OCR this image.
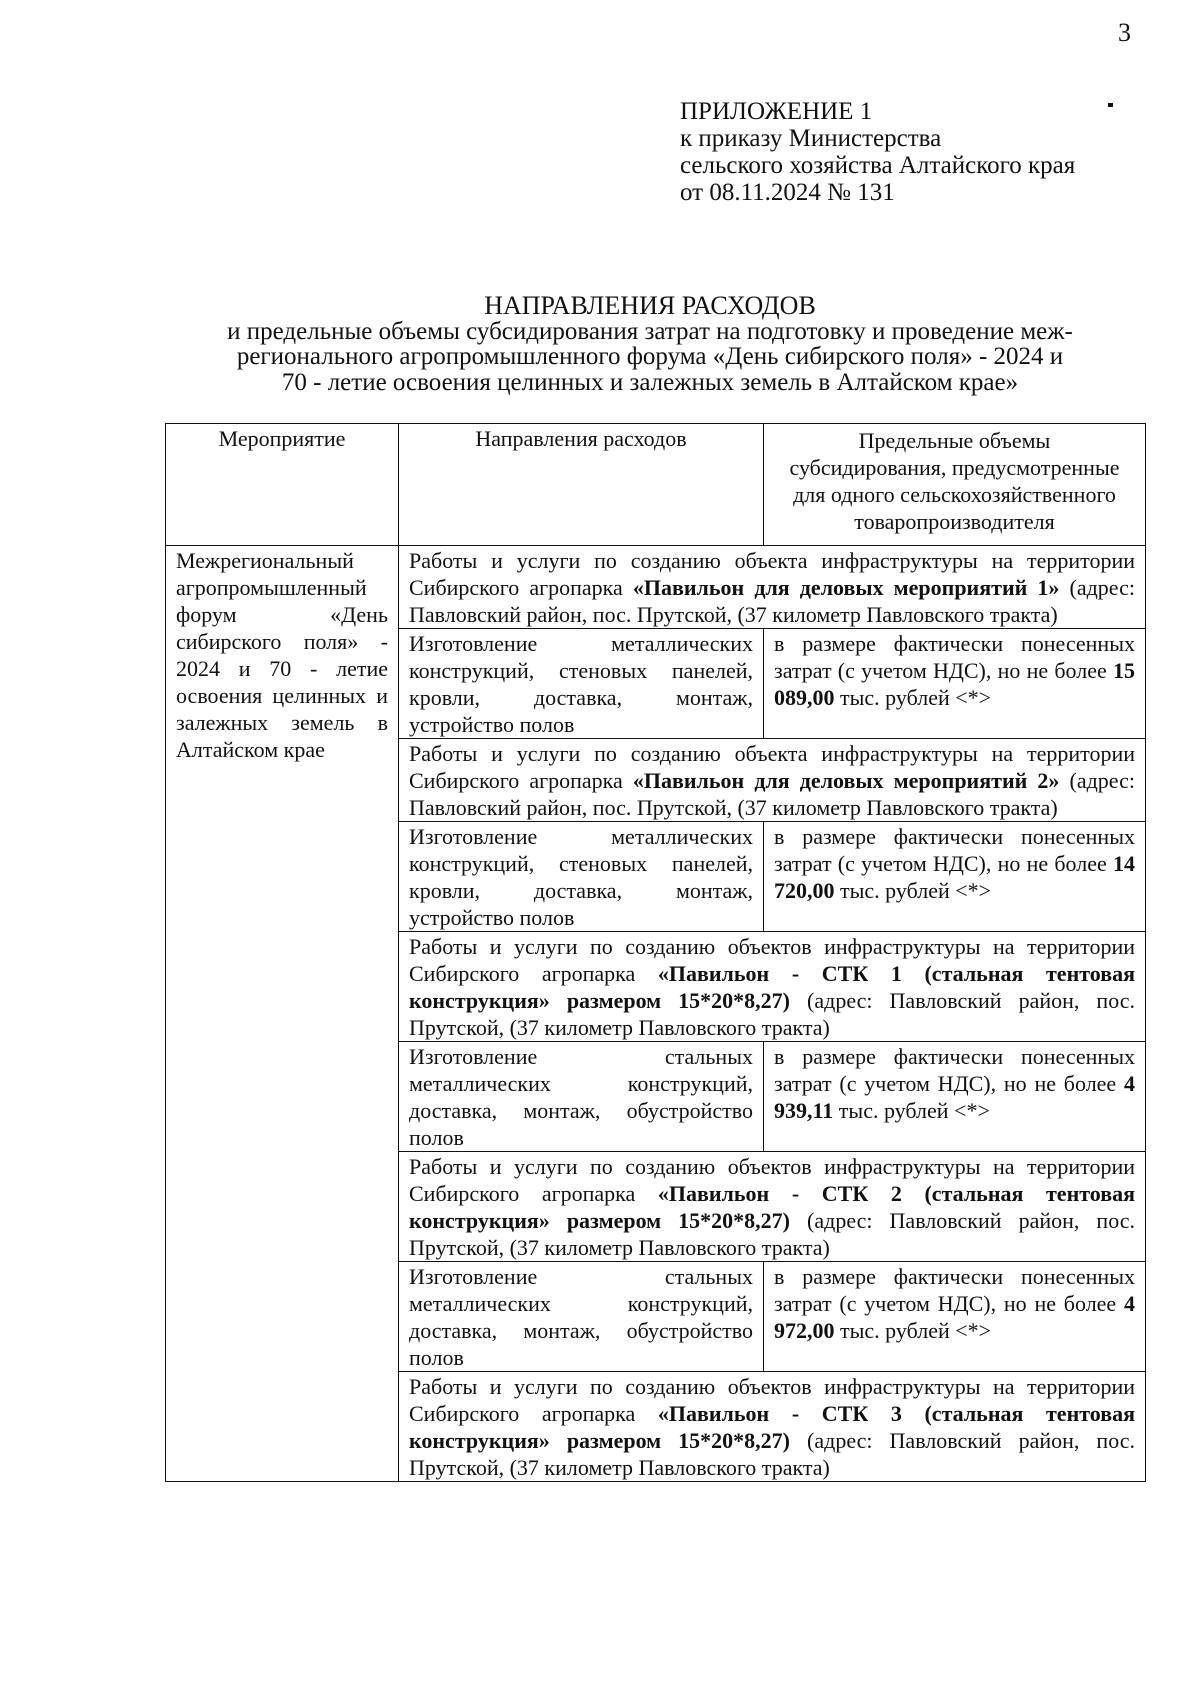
3
ПРИЛОЖЕНИЕ 1
к приказу Министерства
сельского хозяйства Алтайского края
от 08.11.2024 № 131
НАПРАВЛЕНИЯ РАСХОДОВ
и предельные объемы субсидирования затрат на подготовку и проведение меж-
регионального агропромышленного форума «День сибирского поля» - 2024 и
70 - летие освоения целинных и залежных земель в Алтайском крае»
Мероприятие	Направления расходов	Предельные объемы субсидирования, предусмотренные для одного сельскохозяйственного товаропроизводителя
Межрегиональный агропромышленный форум «День сибирского поля» - 2024 и 70 - летие освоения целинных и залежных земель в Алтайском крае	Работы и услуги по созданию объекта инфраструктуры на территории Сибирского агропарка «Павильон для деловых мероприятий 1» (адрес: Павловский район, пос. Прутской, (37 километр Павловского тракта)	
	Изготовление металлических конструкций, стеновых панелей, кровли, доставка, монтаж, устройство полов	в размере фактически понесенных затрат (с учетом НДС), но не более 15 089,00 тыс. рублей <*>
	Работы и услуги по созданию объекта инфраструктуры на территории Сибирского агропарка «Павильон для деловых мероприятий 2» (адрес: Павловский район, пос. Прутской, (37 километр Павловского тракта)	
	Изготовление металлических конструкций, стеновых панелей, кровли, доставка, монтаж, устройство полов	в размере фактически понесенных затрат (с учетом НДС), но не более 14 720,00 тыс. рублей <*>
	Работы и услуги по созданию объектов инфраструктуры на территории Сибирского агропарка «Павильон - СТК 1 (стальная тентовая конструкция» размером 15*20*8,27) (адрес: Павловский район, пос. Прутской, (37 километр Павловского тракта)	
	Изготовление стальных металлических конструкций, доставка, монтаж, обустройство полов	в размере фактически понесенных затрат (с учетом НДС), но не более 4 939,11 тыс. рублей <*>
	Работы и услуги по созданию объектов инфраструктуры на территории Сибирского агропарка «Павильон - СТК 2 (стальная тентовая конструкция» размером 15*20*8,27) (адрес: Павловский район, пос. Прутской, (37 километр Павловского тракта)	
	Изготовление стальных металлических конструкций, доставка, монтаж, обустройство полов	в размере фактически понесенных затрат (с учетом НДС), но не более 4 972,00 тыс. рублей <*>
	Работы и услуги по созданию объектов инфраструктуры на территории Сибирского агропарка «Павильон - СТК 3 (стальная тентовая конструкция» размером 15*20*8,27) (адрес: Павловский район, пос. Прутской, (37 километр Павловского тракта)	
